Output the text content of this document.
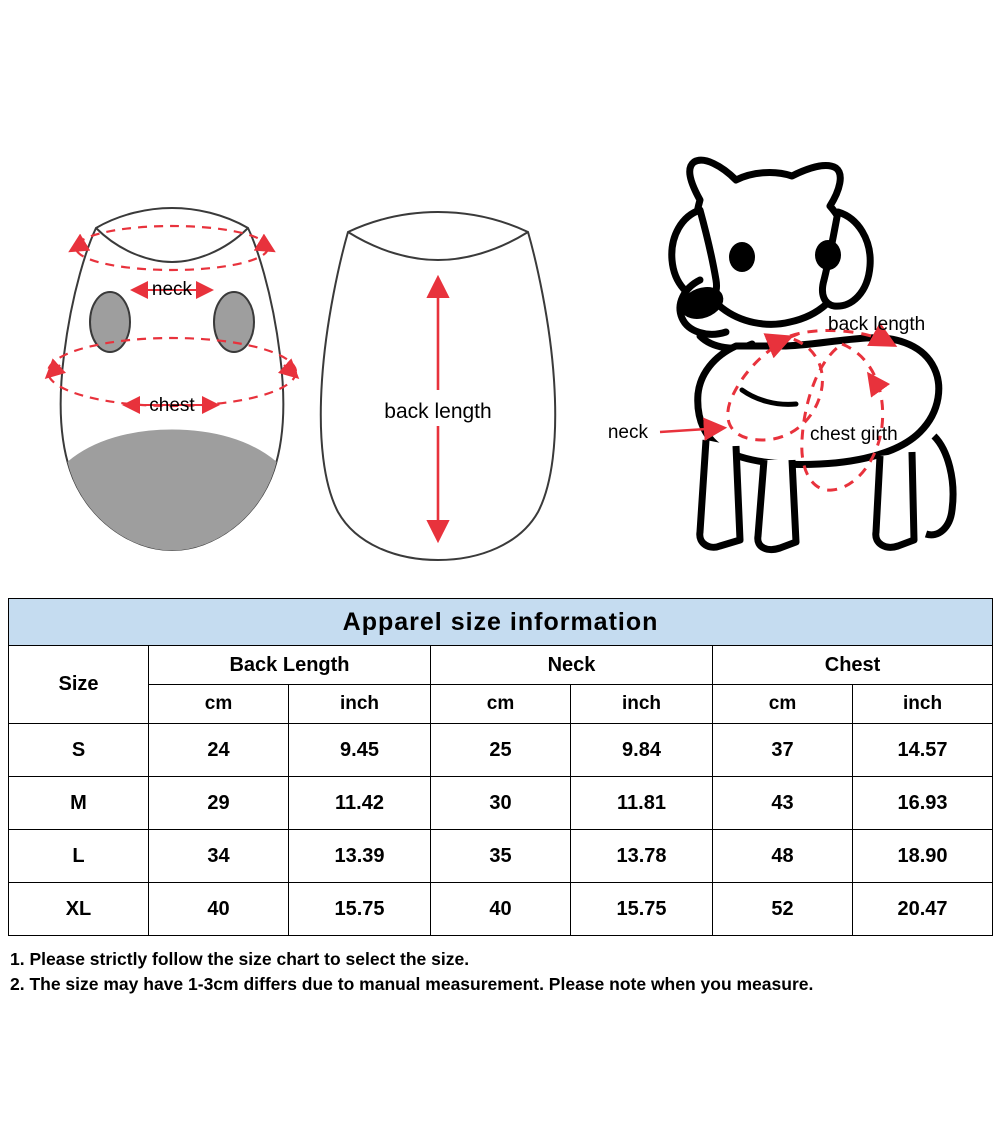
neck
chest	back length
back length
neck	chest girth
Apparel size information						
Size	Back Length		Neck		Chest	
	cm	inch	cm	inch	cm	inch
S	24	9.45	25	9.84	37	14.57
M	29	11.42	30	11.81	43	16.93
L	34	13.39	35	13.78	48	18.90
XL	40	15.75	40	15.75	52	20.47
1. Please strictly follow the size chart to select the size.
2. The size may have 1-3cm differs due to manual measurement. Please note when you measure.
